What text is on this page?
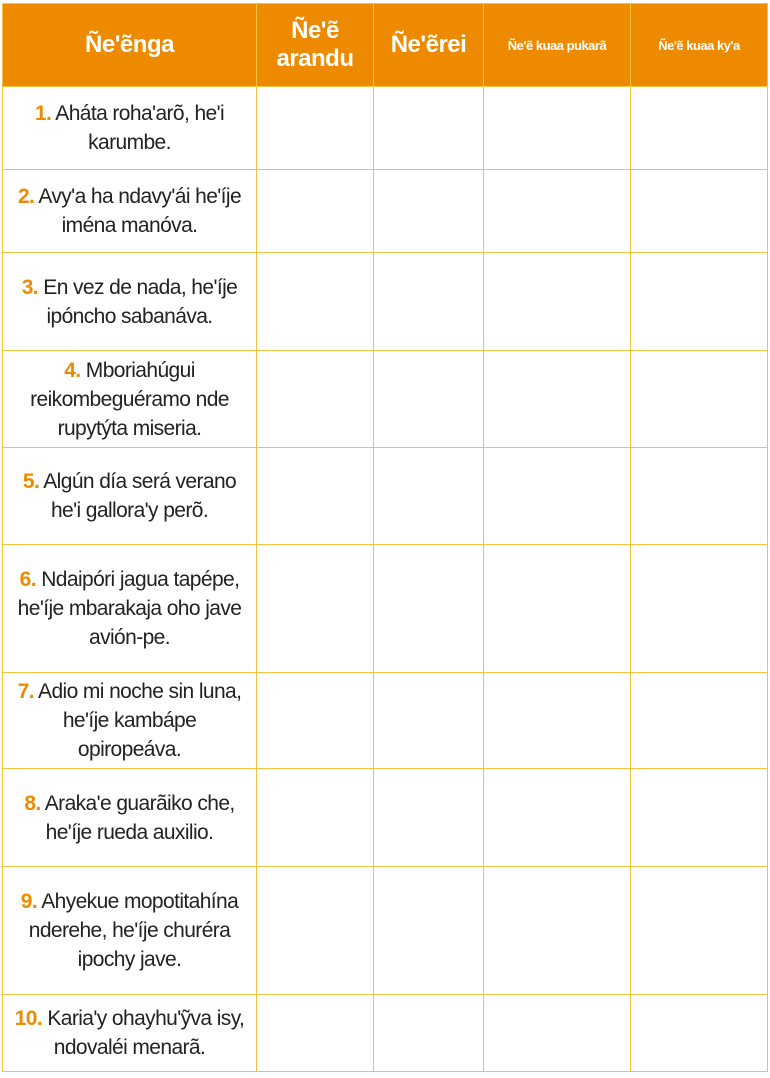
Ñe'ẽnga	Ñe'ẽ arandu	Ñe'ẽrei	Ñe'ẽ kuaa pukarã	Ñe'ẽ kuaa ky'a
1. Aháta roha'arõ, he'i karumbe.				
2. Avy'a ha ndavy'ái he'íje iména manóva.				
3. En vez de nada, he'íje ipóncho sabanáva.				
4. Mboriahúgui reikombeguéramo nde rupytýta miseria.				
5. Algún día será verano he'i gallora'y perõ.				
6. Ndaipóri jagua tapépe, he'íje mbarakaja oho jave avión-pe.				
7. Adio mi noche sin luna, he'íje kambápe opiropeáva.				
8. Araka'e guarãiko che, he'íje rueda auxilio.				
9. Ahyekue mopotitahína nderehe, he'íje churéra ipochy jave.				
10. Karia'y ohayhu'ỹva isy, ndovaléi menarã.				
